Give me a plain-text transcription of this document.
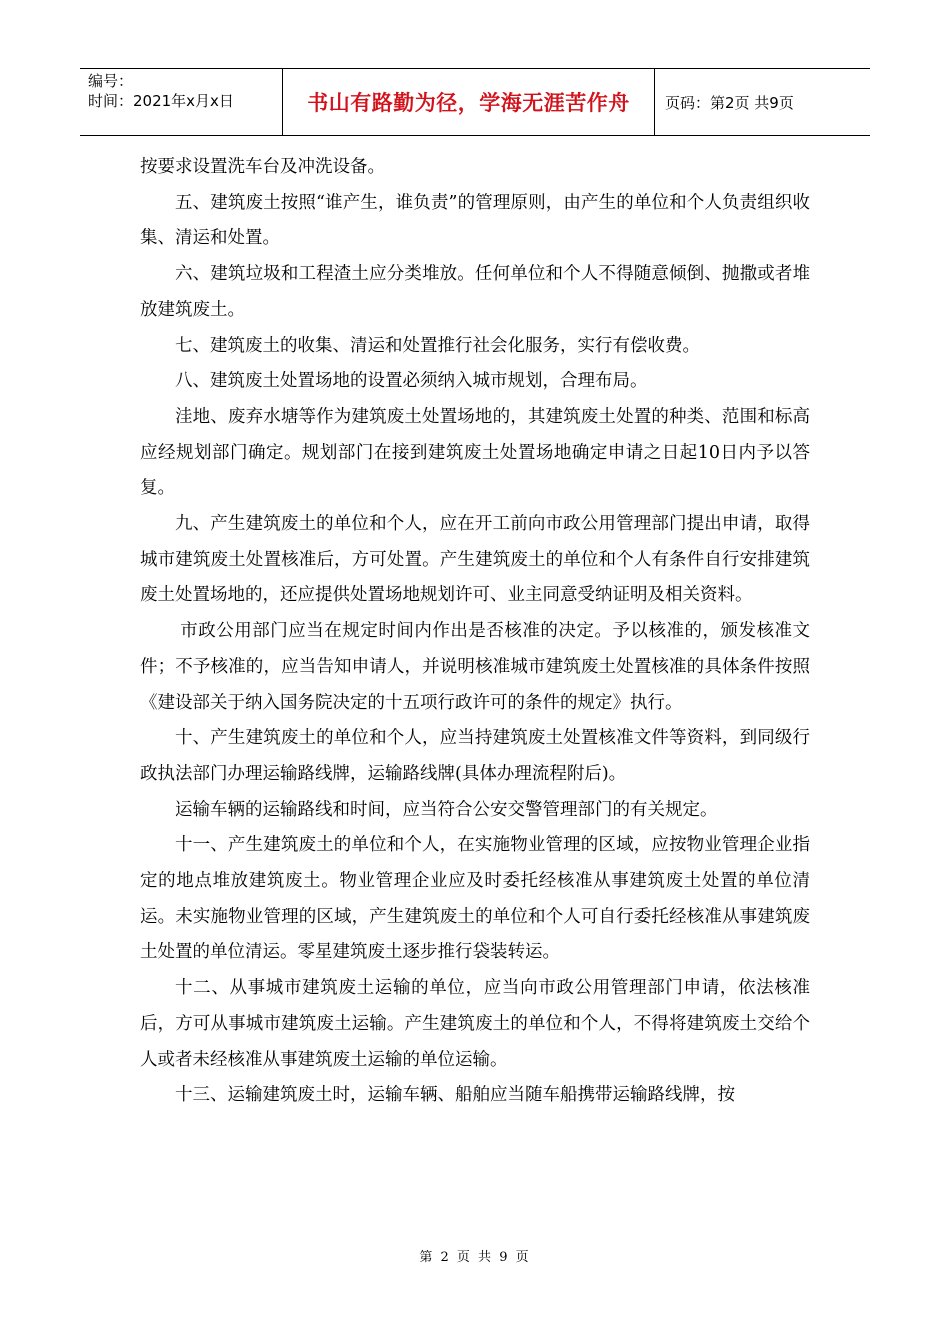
编号：
时间：2021年x月x日	书山有路勤为径，学海无涯苦作舟	页码：第2页 共9页

按要求设置洗车台及冲洗设备。

五、建筑废土按照“谁产生，谁负责”的管理原则，由产生的单位和个人负责组织收集、清运和处置。

六、建筑垃圾和工程渣土应分类堆放。任何单位和个人不得随意倾倒、抛撒或者堆放建筑废土。

七、建筑废土的收集、清运和处置推行社会化服务，实行有偿收费。

八、建筑废土处置场地的设置必须纳入城市规划，合理布局。

洼地、废弃水塘等作为建筑废土处置场地的，其建筑废土处置的种类、范围和标高应经规划部门确定。规划部门在接到建筑废土处置场地确定申请之日起10日内予以答复。

九、产生建筑废土的单位和个人，应在开工前向市政公用管理部门提出申请，取得城市建筑废土处置核准后，方可处置。产生建筑废土的单位和个人有条件自行安排建筑废土处置场地的，还应提供处置场地规划许可、业主同意受纳证明及相关资料。

市政公用部门应当在规定时间内作出是否核准的决定。予以核准的，颁发核准文件；不予核准的，应当告知申请人，并说明核准城市建筑废土处置核准的具体条件按照《建设部关于纳入国务院决定的十五项行政许可的条件的规定》执行。

十、产生建筑废土的单位和个人，应当持建筑废土处置核准文件等资料，到同级行政执法部门办理运输路线牌，运输路线牌(具体办理流程附后)。

运输车辆的运输路线和时间，应当符合公安交警管理部门的有关规定。

十一、产生建筑废土的单位和个人，在实施物业管理的区域，应按物业管理企业指定的地点堆放建筑废土。物业管理企业应及时委托经核准从事建筑废土处置的单位清运。未实施物业管理的区域，产生建筑废土的单位和个人可自行委托经核准从事建筑废土处置的单位清运。零星建筑废土逐步推行袋装转运。

十二、从事城市建筑废土运输的单位，应当向市政公用管理部门申请，依法核准后，方可从事城市建筑废土运输。产生建筑废土的单位和个人，不得将建筑废土交给个人或者未经核准从事建筑废土运输的单位运输。

十三、运输建筑废土时，运输车辆、船舶应当随车船携带运输路线牌，按

第 2 页 共 9 页
